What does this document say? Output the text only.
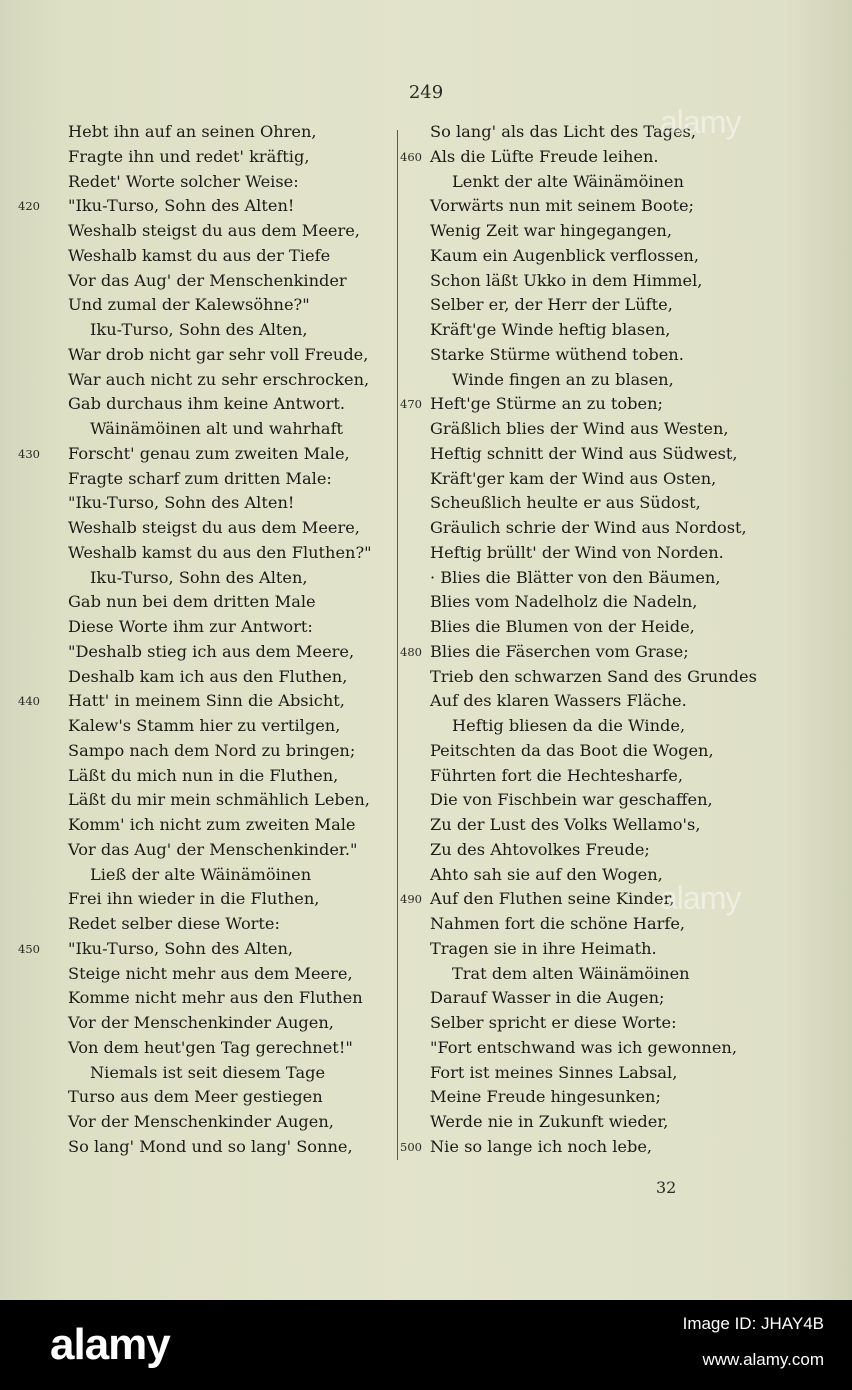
249
Hebt ihn auf an seinen Ohren,
Fragte ihn und redet' kräftig,
Redet' Worte solcher Weise:
420 "Iku-Turso, Sohn des Alten!
Weshalb steigst du aus dem Meere,
Weshalb kamst du aus der Tiefe
Vor das Aug' der Menschenkinder
Und zumal der Kalewsöhne?"
Iku-Turso, Sohn des Alten,
War drob nicht gar sehr voll Freude,
War auch nicht zu sehr erschrocken,
Gab durchaus ihm keine Antwort.
Wäinämöinen alt und wahrhaft
430 Forscht' genau zum zweiten Male,
Fragte scharf zum dritten Male:
"Iku-Turso, Sohn des Alten!
Weshalb steigst du aus dem Meere,
Weshalb kamst du aus den Fluthen?"
Iku-Turso, Sohn des Alten,
Gab nun bei dem dritten Male
Diese Worte ihm zur Antwort:
"Deshalb stieg ich aus dem Meere,
Deshalb kam ich aus den Fluthen,
440 Hatt' in meinem Sinn die Absicht,
Kalew's Stamm hier zu vertilgen,
Sampo nach dem Nord zu bringen;
Läßt du mich nun in die Fluthen,
Läßt du mir mein schmählich Leben,
Komm' ich nicht zum zweiten Male
Vor das Aug' der Menschenkinder."
Ließ der alte Wäinämöinen
Frei ihn wieder in die Fluthen,
Redet selber diese Worte:
450 "Iku-Turso, Sohn des Alten,
Steige nicht mehr aus dem Meere,
Komme nicht mehr aus den Fluthen
Vor der Menschenkinder Augen,
Von dem heut'gen Tag gerechnet!"
Niemals ist seit diesem Tage
Turso aus dem Meer gestiegen
Vor der Menschenkinder Augen,
So lang' Mond und so lang' Sonne,
So lang' als das Licht des Tages,
460 Als die Lüfte Freude leihen.
Lenkt der alte Wäinämöinen
Vorwärts nun mit seinem Boote;
Wenig Zeit war hingegangen,
Kaum ein Augenblick verflossen,
Schon läßt Ukko in dem Himmel,
Selber er, der Herr der Lüfte,
Kräft'ge Winde heftig blasen,
Starke Stürme wüthend toben.
Winde fingen an zu blasen,
470 Heft'ge Stürme an zu toben;
Gräßlich blies der Wind aus Westen,
Heftig schnitt der Wind aus Südwest,
Kräft'ger kam der Wind aus Osten,
Scheußlich heulte er aus Südost,
Gräulich schrie der Wind aus Nordost,
Heftig brüllt' der Wind von Norden.
· Blies die Blätter von den Bäumen,
Blies vom Nadelholz die Nadeln,
Blies die Blumen von der Heide,
480 Blies die Fäserchen vom Grase;
Trieb den schwarzen Sand des Grundes
Auf des klaren Wassers Fläche.
Heftig bliesen da die Winde,
Peitschten da das Boot die Wogen,
Führten fort die Hechtesharfe,
Die von Fischbein war geschaffen,
Zu der Lust des Volks Wellamo's,
Zu des Ahtovolkes Freude;
Ahto sah sie auf den Wogen,
490 Auf den Fluthen seine Kinder,
Nahmen fort die schöne Harfe,
Tragen sie in ihre Heimath.
Trat dem alten Wäinämöinen
Darauf Wasser in die Augen;
Selber spricht er diese Worte:
"Fort entschwand was ich gewonnen,
Fort ist meines Sinnes Labsal,
Meine Freude hingesunken;
Werde nie in Zukunft wieder,
500 Nie so lange ich noch lebe,
32
alamy
alamy
alamy	Image ID: JHAY4B
www.alamy.com
